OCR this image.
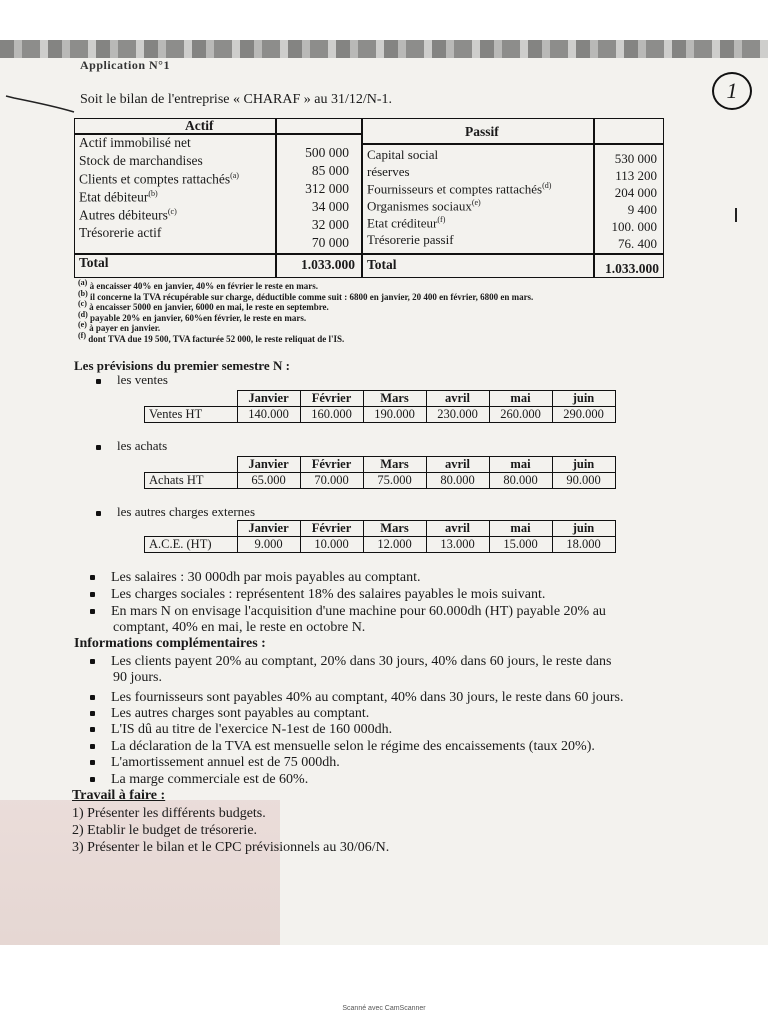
Application N°1
Soit le bilan de l'entreprise « CHARAF » au 31/12/N-1.	1
Actif	Passif
Actif immobilisé net
500 000
Stock de marchandises
85 000
Clients et comptes rattachés$^{(a)}$
312 000
Etat débiteur$^{(b)}$
34 000
Autres débiteurs$^{(c)}$
32 000
Trésorerie actif
70 000
Capital social	530 000
réserves	113 200
Fournisseurs et comptes rattachés$^{(d)}$	204 000
Organismes sociaux$^{(e)}$	9 400
Etat créditeur$^{(f)}$	100. 000
Trésorerie passif	76. 400
Total	1.033.000 Total	1.033.000
(a) à encaisser 40% en janvier, 40% en février le reste en mars.
(b) il concerne la TVA récupérable sur charge, déductible comme suit : 6800 en janvier, 20 400 en février, 6800 en mars.
(c) à encaisser 5000 en janvier, 6000 en mai, le reste en septembre.
(d) payable 20% en janvier, 60%en février, le reste en mars.
(e) à payer en janvier.
(f) dont TVA due 19 500, TVA facturée 52 000, le reste reliquat de l'IS.
Les prévisions du premier semestre N :
les ventes
	Janvier	Février	Mars	avril	mai	juin
Ventes HT	140.000	160.000	190.000	230.000	260.000	290.000
les achats
	Janvier	Février	Mars	avril	mai	juin
Achats HT	65.000	70.000	75.000	80.000	80.000	90.000
les autres charges externes
	Janvier	Février	Mars	avril	mai	juin
A.C.E. (HT)	9.000	10.000	12.000	13.000	15.000	18.000
Les salaires : 30 000dh par mois payables au comptant.
Les charges sociales : représentent 18% des salaires payables le mois suivant.
En mars N on envisage l'acquisition d'une machine pour 60.000dh (HT) payable 20% au
comptant, 40% en mai, le reste en octobre N.
Informations complémentaires :
Les clients payent 20% au comptant, 20% dans 30 jours, 40% dans 60 jours, le reste dans
90 jours.
Les fournisseurs sont payables 40% au comptant, 40% dans 30 jours, le reste dans 60 jours.
Les autres charges sont payables au comptant.
L'IS dû au titre de l'exercice N-1est de 160 000dh.
La déclaration de la TVA est mensuelle selon le régime des encaissements (taux 20%).
L'amortissement annuel est de 75 000dh.
La marge commerciale est de 60%.
Travail à faire :
1) Présenter les différents budgets.
2) Etablir le budget de trésorerie.
3) Présenter le bilan et le CPC prévisionnels au 30/06/N.
Scanné avec CamScanner
